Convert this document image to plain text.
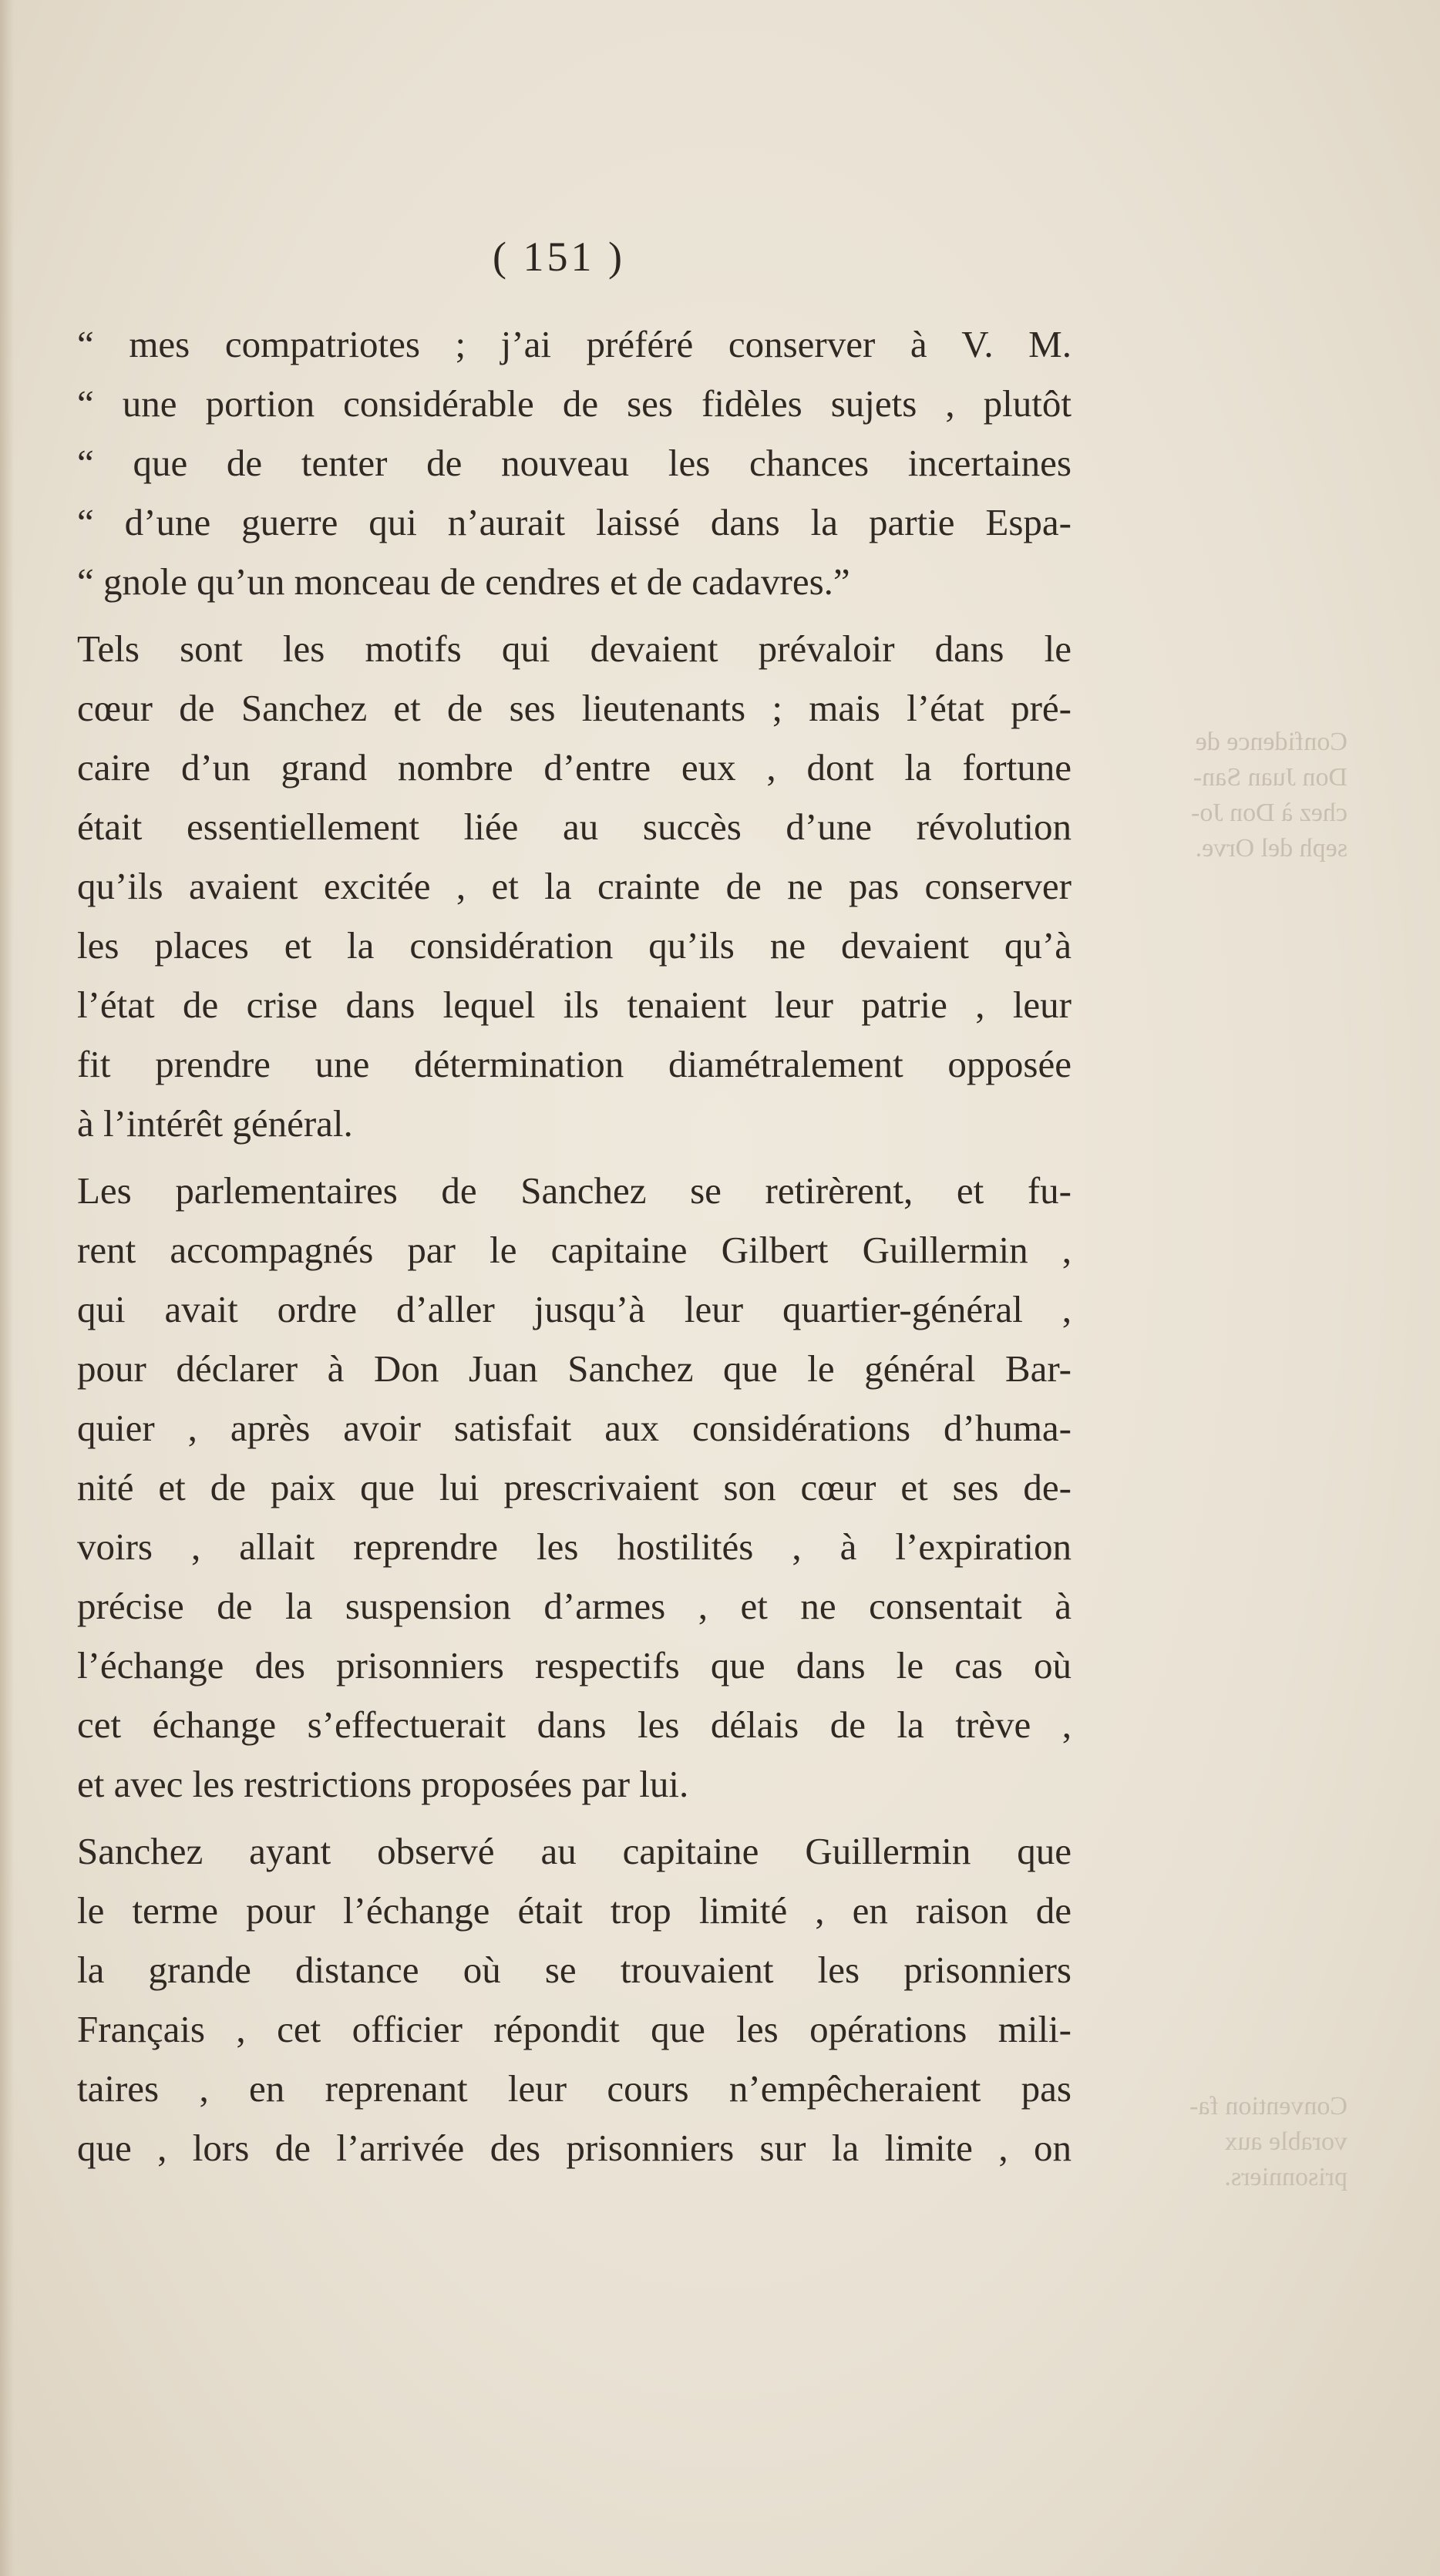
( 151 )
“ mes compatriotes ; j’ai préféré conserver à V. M.
“ une portion considérable de ses fidèles sujets , plutôt
“ que de tenter de nouveau les chances incertaines
“ d’une guerre qui n’aurait laissé dans la partie Espa-
“ gnole qu’un monceau de cendres et de cadavres.”
Tels sont les motifs qui devaient prévaloir dans le
cœur de Sanchez et de ses lieutenants ; mais l’état pré-
caire d’un grand nombre d’entre eux , dont la fortune
était essentiellement liée au succès d’une révolution
qu’ils avaient excitée , et la crainte de ne pas conserver
les places et la considération qu’ils ne devaient qu’à
l’état de crise dans lequel ils tenaient leur patrie , leur
fit prendre une détermination diamétralement opposée
à l’intérêt général.
Les parlementaires de Sanchez se retirèrent, et fu-
rent accompagnés par le capitaine Gilbert Guillermin ,
qui avait ordre d’aller jusqu’à leur quartier-général ,
pour déclarer à Don Juan Sanchez que le général Bar-
quier , après avoir satisfait aux considérations d’huma-
nité et de paix que lui prescrivaient son cœur et ses de-
voirs , allait reprendre les hostilités , à l’expiration
précise de la suspension d’armes , et ne consentait à
l’échange des prisonniers respectifs que dans le cas où
cet échange s’effectuerait dans les délais de la trève ,
et avec les restrictions proposées par lui.
Sanchez ayant observé au capitaine Guillermin que
le terme pour l’échange était trop limité , en raison de
la grande distance où se trouvaient les prisonniers
Français , cet officier répondit que les opérations mili-
taires , en reprenant leur cours n’empêcheraient pas
que , lors de l’arrivée des prisonniers sur la limite , on
Confidence de
Don Juan San-
chez à Don Jo-
seph del Orve.
Convention fa-
vorable aux
prisonniers.
